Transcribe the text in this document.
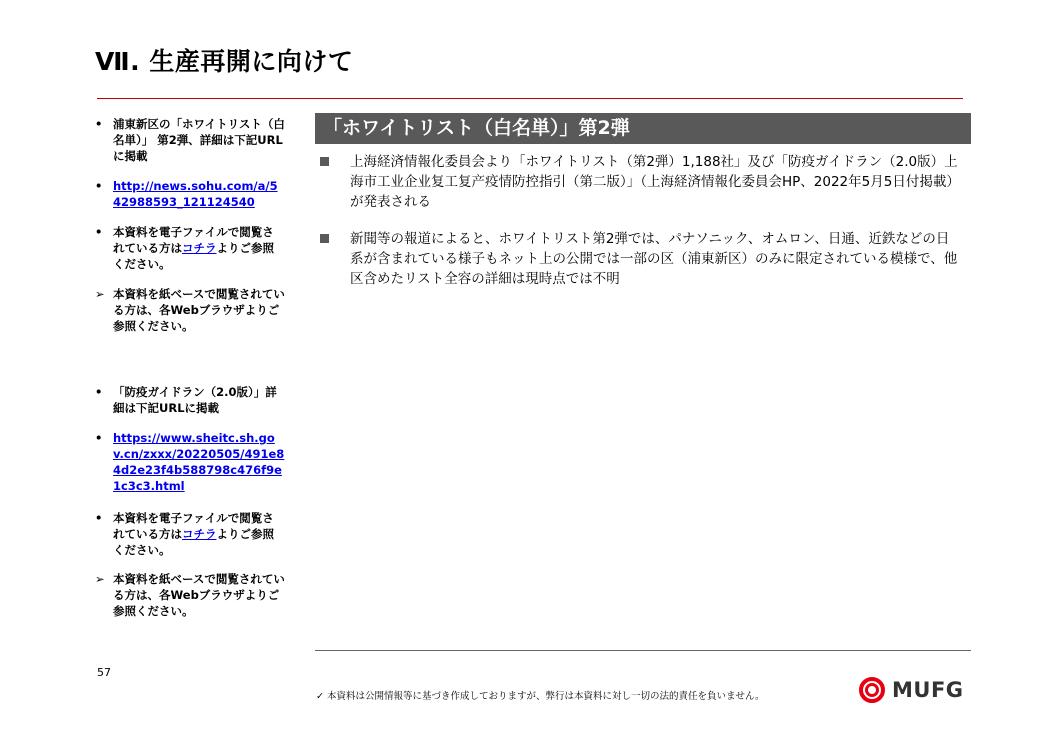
Ⅶ. 生産再開に向けて
• 浦東新区の「ホワイトリスト（白名単）」 第2弾、詳細は下記URLに掲載
• http://news.sohu.com/a/542988593_121124540
• 本資料を電子ファイルで閲覧されている方はコチラよりご参照ください。
➢ 本資料を紙ベースで閲覧されている方は、各Webブラウザよりご参照ください。
• 「防疫ガイドラン（2.0版）」詳細は下記URLに掲載
• https://www.sheitc.sh.gov.cn/zxxx/20220505/491e84d2e23f4b588798c476f9e1c3c3.html
• 本資料を電子ファイルで閲覧されている方はコチラよりご参照ください。
➢ 本資料を紙ベースで閲覧されている方は、各Webブラウザよりご参照ください。
「ホワイトリスト（白名単）」第2弾
上海経済情報化委員会より「ホワイトリスト（第2弾）1,188社」及び「防疫ガイドラン（2.0版）上海市工业企业复工复产疫情防控指引（第二版）」（上海経済情報化委員会HP、2022年5月5日付掲載）が発表される
新聞等の報道によると、ホワイトリスト第2弾では、パナソニック、オムロン、日通、近鉄などの日系が含まれている様子もネット上の公開では一部の区（浦東新区）のみに限定されている模様で、他区含めたリスト全容の詳細は現時点では不明
57
✓ 本資料は公開情報等に基づき作成しておりますが、弊行は本資料に対し一切の法的責任を負いません。	MUFG
